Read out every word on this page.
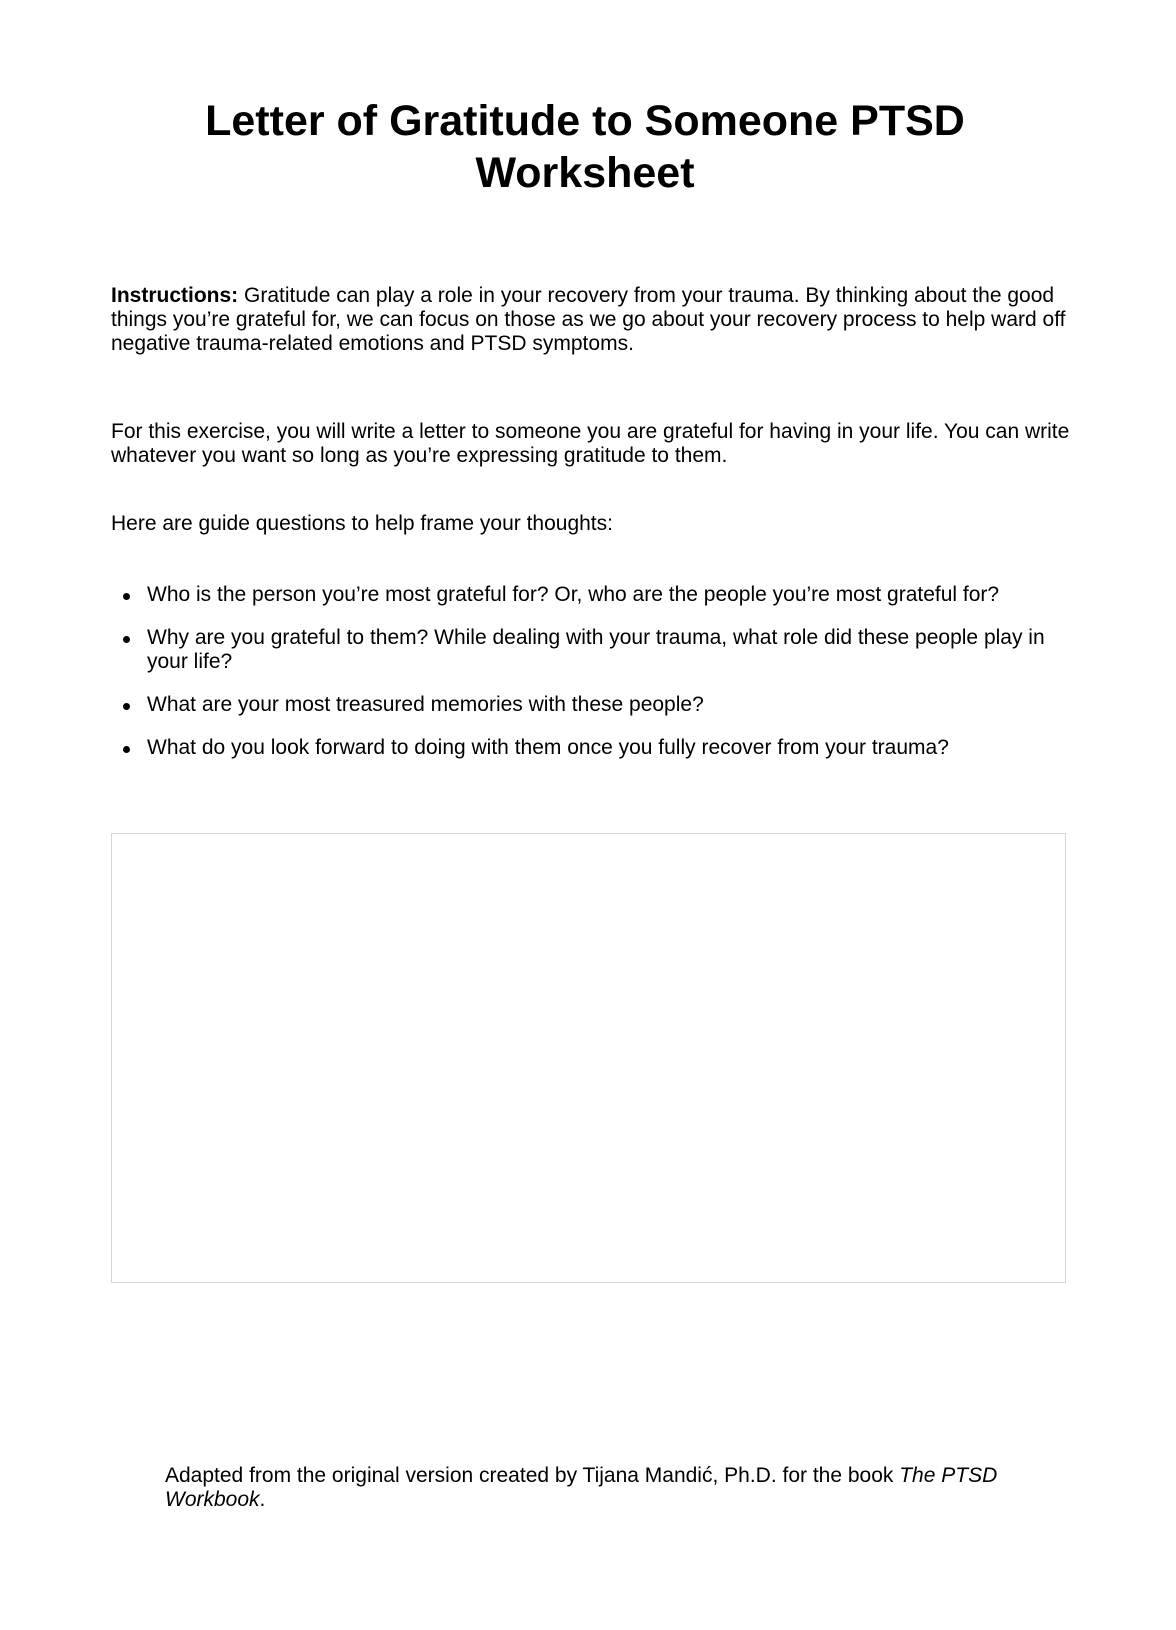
Letter of Gratitude to Someone PTSD Worksheet

Instructions: Gratitude can play a role in your recovery from your trauma. By thinking about the good things you’re grateful for, we can focus on those as we go about your recovery process to help ward off negative trauma-related emotions and PTSD symptoms.

For this exercise, you will write a letter to someone you are grateful for having in your life. You can write whatever you want so long as you’re expressing gratitude to them.

Here are guide questions to help frame your thoughts:

Who is the person you’re most grateful for? Or, who are the people you’re most grateful for?
Why are you grateful to them? While dealing with your trauma, what role did these people play in your life?
What are your most treasured memories with these people?
What do you look forward to doing with them once you fully recover from your trauma?

Adapted from the original version created by Tijana Mandić, Ph.D. for the book The PTSD Workbook.
